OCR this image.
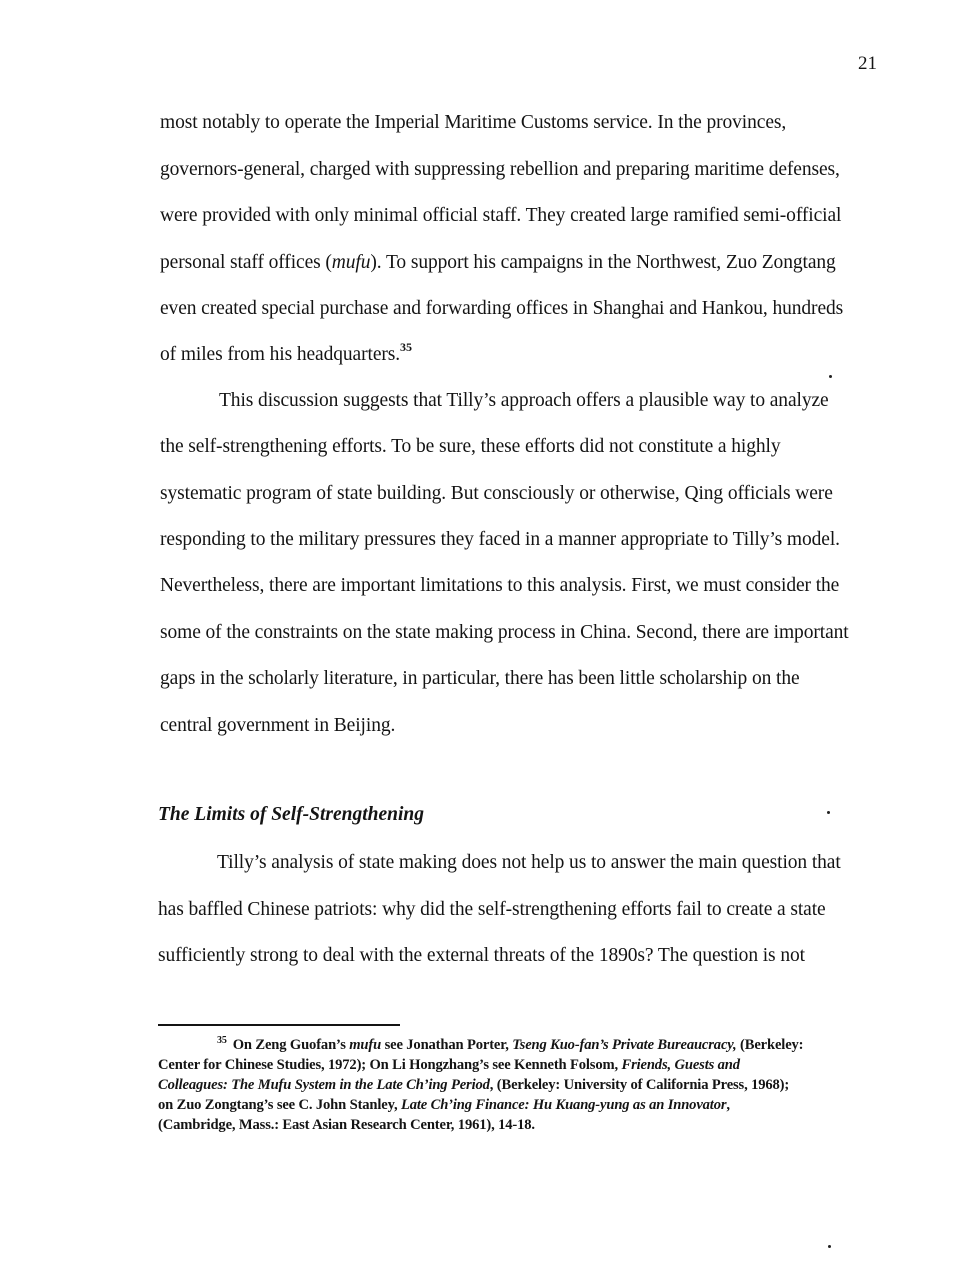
21
most notably to operate the Imperial Maritime Customs service. In the provinces,
governors-general, charged with suppressing rebellion and preparing maritime defenses,
were provided with only minimal official staff. They created large ramified semi-official
personal staff offices (mufu). To support his campaigns in the Northwest, Zuo Zongtang
even created special purchase and forwarding offices in Shanghai and Hankou, hundreds
of miles from his headquarters.$^{35}$
This discussion suggests that Tilly’s approach offers a plausible way to analyze
the self-strengthening efforts. To be sure, these efforts did not constitute a highly
systematic program of state building. But consciously or otherwise, Qing officials were
responding to the military pressures they faced in a manner appropriate to Tilly’s model.
Nevertheless, there are important limitations to this analysis. First, we must consider the
some of the constraints on the state making process in China. Second, there are important
gaps in the scholarly literature, in particular, there has been little scholarship on the
central government in Beijing.
The Limits of Self-Strengthening
Tilly’s analysis of state making does not help us to answer the main question that
has baffled Chinese patriots: why did the self-strengthening efforts fail to create a state
sufficiently strong to deal with the external threats of the 1890s? The question is not
$^{35}$ On Zeng Guofan’s mufu see Jonathan Porter, Tseng Kuo-fan’s Private Bureaucracy, (Berkeley:
Center for Chinese Studies, 1972); On Li Hongzhang’s see Kenneth Folsom, Friends, Guests and
Colleagues: The Mufu System in the Late Ch’ing Period, (Berkeley: University of California Press, 1968);
on Zuo Zongtang’s see C. John Stanley, Late Ch’ing Finance: Hu Kuang-yung as an Innovator,
(Cambridge, Mass.: East Asian Research Center, 1961), 14-18.
